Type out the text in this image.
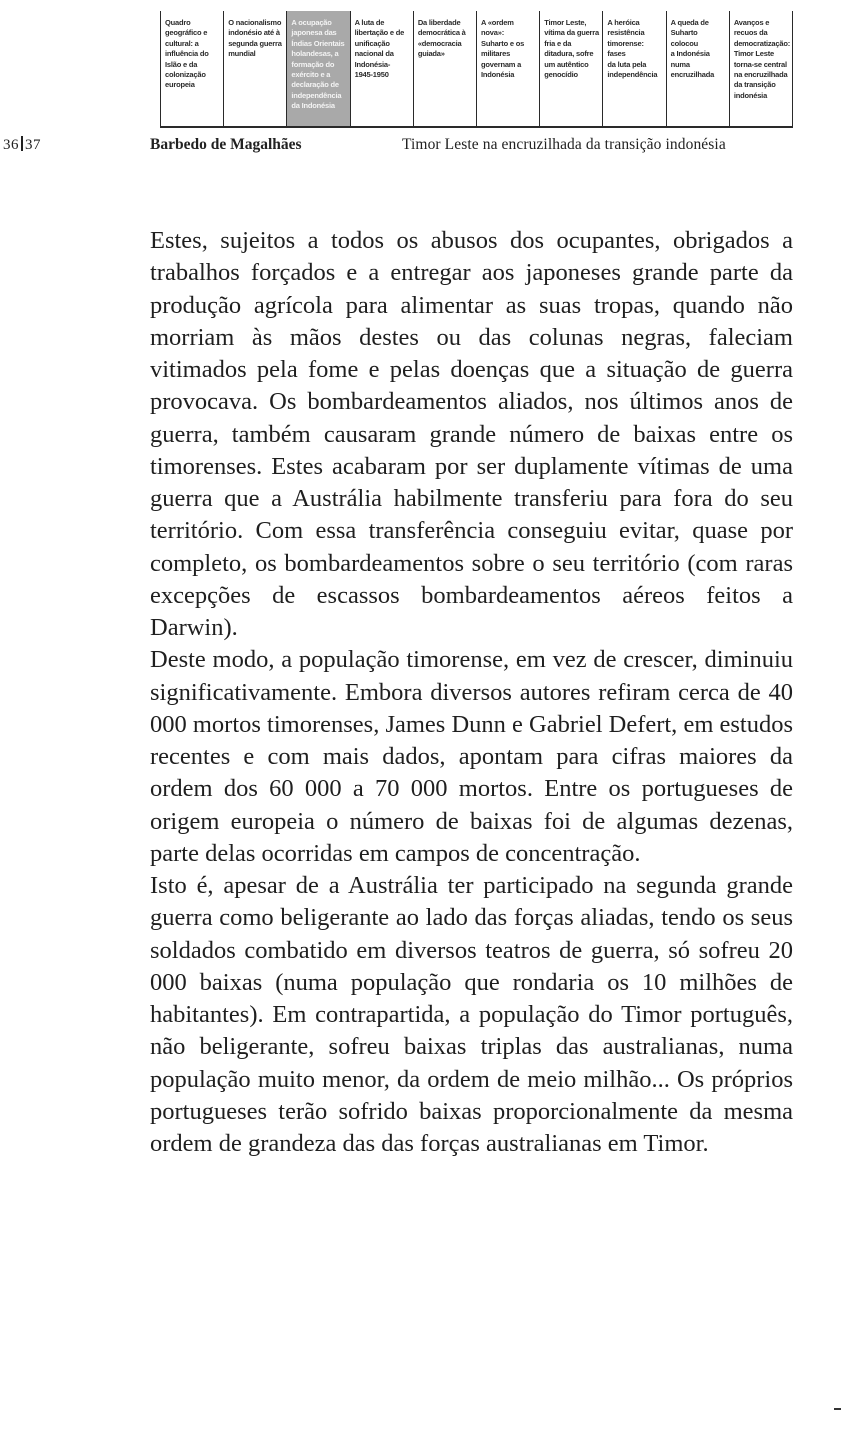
Quadro
geográfico e
cultural: a
influência do
Islão e da
colonização
europeia
O nacionalismo
indonésio até à
segunda guerra
mundial
A ocupação
japonesa das
Índias Orientais
holandesas, a
formação do
exército e a
declaração de
independência
da Indonésia
A luta de
libertação e de
unificação
nacional da
Indonésia-
1945-1950
Da liberdade
democrática à
«democracia
guiada»
A «ordem nova»:
Suharto e os
militares
governam a
Indonésia
Timor Leste,
vítima da guerra
fria e da
ditadura, sofre
um autêntico
genocídio
A heróica
resistência
timorense: fases
da luta pela
independência
A queda de
Suharto colocou
a Indonésia
numa
encruzilhada
Avanços e
recuos da
democratização:
Timor Leste
torna-se central
na encruzilhada
da transição
indonésia
36 37	Barbedo de Magalhães	Timor Leste na encruzilhada da transição indonésia

Estes, sujeitos a todos os abusos dos ocupantes, obrigados a trabalhos forçados e a entregar aos japoneses grande parte da produção agrícola para alimentar as suas tropas, quando não morriam às mãos destes ou das colunas negras, faleciam vitimados pela fome e pelas doenças que a situação de guerra provocava. Os bombardeamentos aliados, nos últimos anos de guerra, também causaram grande número de baixas entre os timorenses. Estes acabaram por ser duplamente vítimas de uma guerra que a Austrália habilmente transferiu para fora do seu território. Com essa transferência conseguiu evitar, quase por completo, os bombardeamentos sobre o seu território (com raras excepções de escassos bombardeamentos aéreos feitos a Darwin).

Deste modo, a população timorense, em vez de crescer, diminuiu significativamente. Embora diversos autores refiram cerca de 40 000 mortos timorenses, James Dunn e Gabriel Defert, em estudos recentes e com mais dados, apontam para cifras maiores da ordem dos 60 000 a 70 000 mortos. Entre os portugueses de origem europeia o número de baixas foi de algumas dezenas, parte delas ocorridas em campos de concentração.

Isto é, apesar de a Austrália ter participado na segunda grande guerra como beligerante ao lado das forças aliadas, tendo os seus soldados combatido em diversos teatros de guerra, só sofreu 20 000 baixas (numa população que rondaria os 10 milhões de habitantes). Em contrapartida, a população do Timor português, não beligerante, sofreu baixas triplas das australianas, numa população muito menor, da ordem de meio milhão... Os próprios portugueses terão sofrido baixas proporcionalmente da mesma ordem de grandeza das das forças australianas em Timor.
